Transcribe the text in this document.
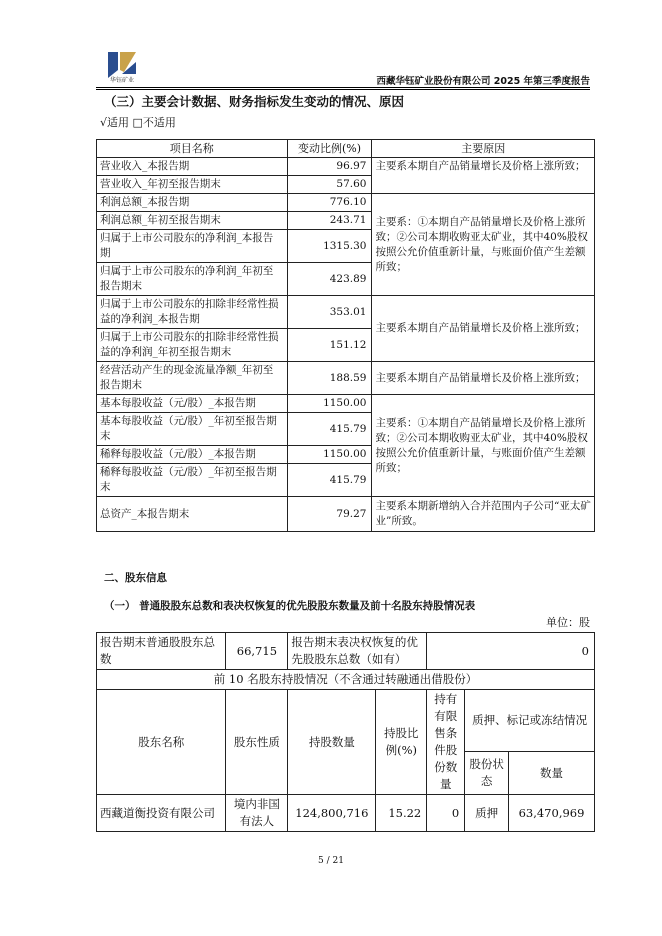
华钰矿业	西藏华钰矿业股份有限公司 2025 年第三季度报告
（三）主要会计数据、财务指标发生变动的情况、原因
√适用 □不适用
项目名称	变动比例(%)	主要原因
营业收入_本报告期	96.97	主要系本期自产品销量增长及价格上涨所致；
营业收入_年初至报告期末	57.60	
利润总额_本报告期	776.10	主要系：①本期自产品销量增长及价格上涨所致；②公司本期收购亚太矿业，其中40%股权按照公允价值重新计量，与账面价值产生差额所致；
利润总额_年初至报告期末	243.71	
归属于上市公司股东的净利润_本报告期	1315.30	
归属于上市公司股东的净利润_年初至报告期末	423.89	
归属于上市公司股东的扣除非经常性损益的净利润_本报告期	353.01	主要系本期自产品销量增长及价格上涨所致；
归属于上市公司股东的扣除非经常性损益的净利润_年初至报告期末	151.12	
经营活动产生的现金流量净额_年初至报告期末	188.59	主要系本期自产品销量增长及价格上涨所致；
基本每股收益（元/股）_本报告期	1150.00	主要系：①本期自产品销量增长及价格上涨所致；②公司本期收购亚太矿业，其中40%股权按照公允价值重新计量，与账面价值产生差额所致；
基本每股收益（元/股）_年初至报告期末	415.79	
稀释每股收益（元/股）_本报告期	1150.00	
稀释每股收益（元/股）_年初至报告期末	415.79	
总资产_本报告期末	79.27	主要系本期新增纳入合并范围内子公司“亚太矿业”所致。
二、股东信息
（一） 普通股股东总数和表决权恢复的优先股股东数量及前十名股东持股情况表
单位：股
报告期末普通股股东总数	66,715	报告期末表决权恢复的优先股股东总数（如有）		0		
前 10 名股东持股情况（不含通过转融通出借股份）						
股东名称	股东性质	持股数量	持股比例(%)	持有有限售条件股份数量	质押、标记或冻结情况	
					股份状态	数量
西藏道衡投资有限公司	境内非国有法人	124,800,716	15.22	0	质押	63,470,969
5 / 21
